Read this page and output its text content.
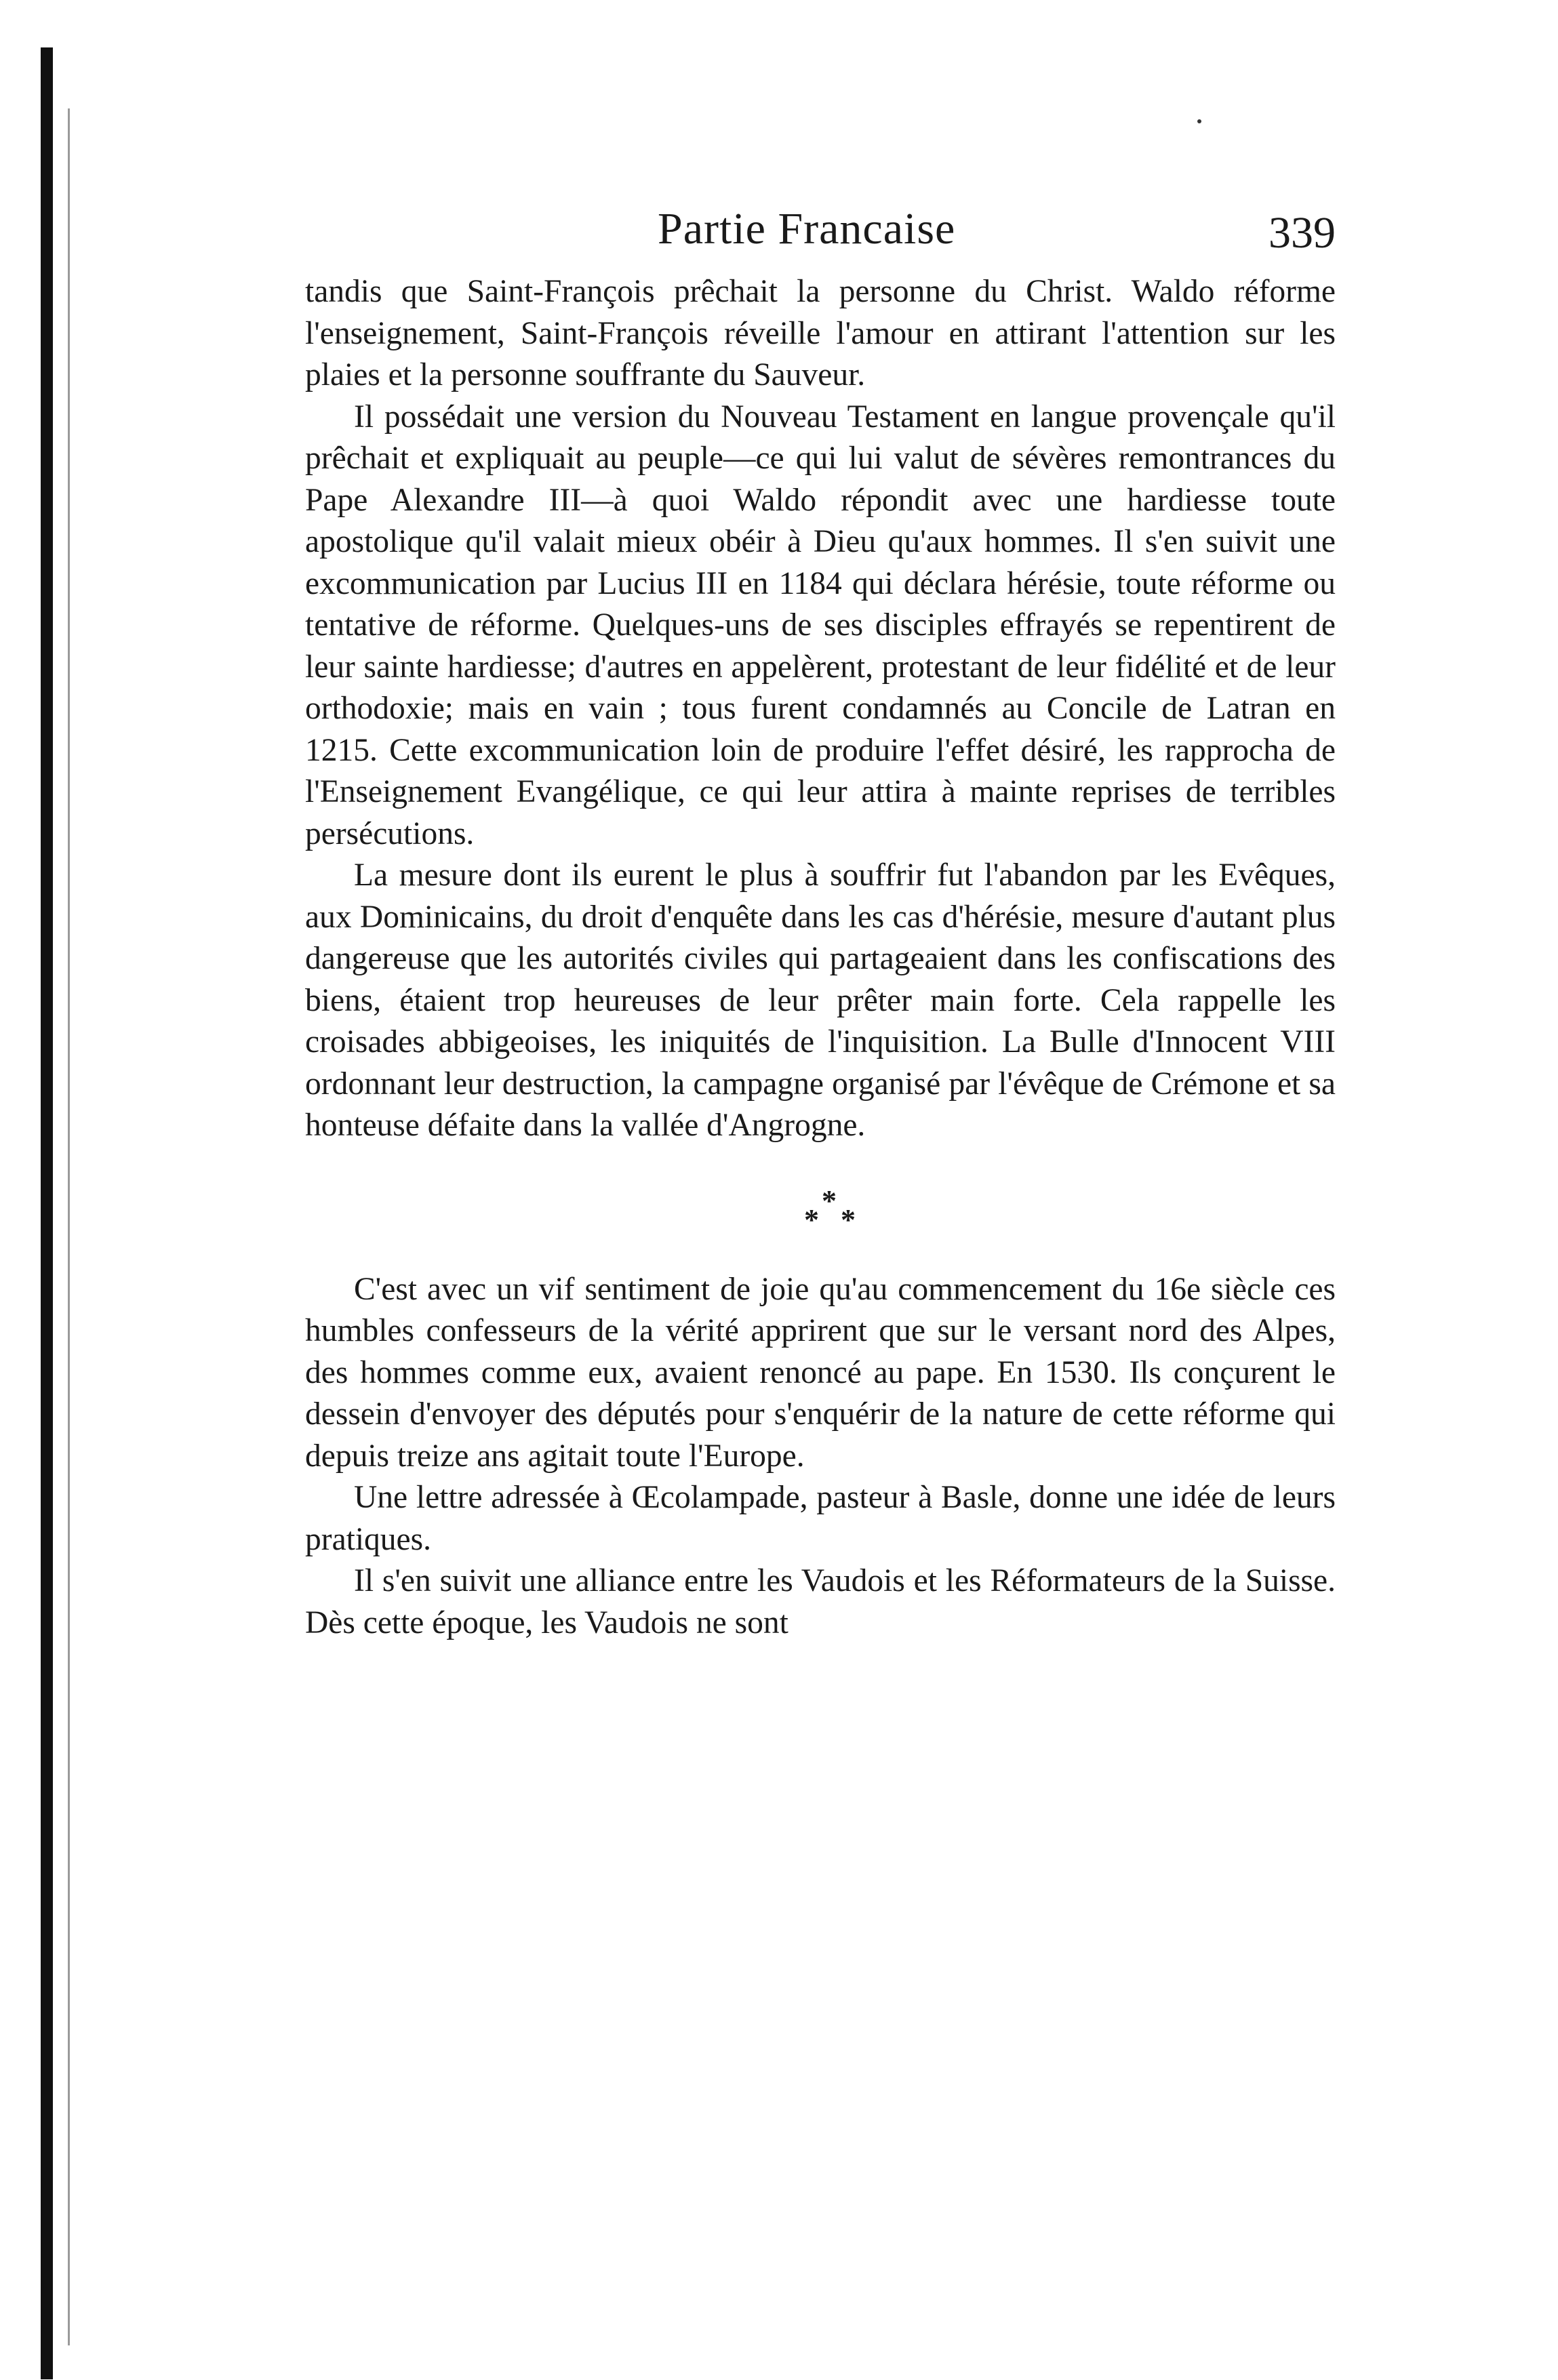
Partie Francaise	339

tandis que Saint-François prêchait la personne du Christ. Waldo réforme l'enseignement, Saint-François réveille l'amour en attirant l'attention sur les plaies et la personne souffrante du Sauveur.

Il possédait une version du Nouveau Testament en langue provençale qu'il prêchait et expliquait au peuple—ce qui lui valut de sévères remontrances du Pape Alexandre III—à quoi Waldo répondit avec une hardiesse toute apostolique qu'il valait mieux obéir à Dieu qu'aux hommes. Il s'en suivit une excommunication par Lucius III en 1184 qui déclara hérésie, toute réforme ou tentative de réforme. Quelques-uns de ses disciples effrayés se repentirent de leur sainte hardiesse; d'autres en appelèrent, protestant de leur fidélité et de leur orthodoxie; mais en vain ; tous furent condamnés au Concile de Latran en 1215. Cette excommunication loin de produire l'effet désiré, les rapprocha de l'Enseignement Evangélique, ce qui leur attira à mainte reprises de terribles persécutions.

La mesure dont ils eurent le plus à souffrir fut l'abandon par les Evêques, aux Dominicains, du droit d'enquête dans les cas d'hérésie, mesure d'autant plus dangereuse que les autorités civiles qui partageaient dans les confiscations des biens, étaient trop heureuses de leur prêter main forte. Cela rappelle les croisades abbigeoises, les iniquités de l'inquisition. La Bulle d'Innocent VIII ordonnant leur destruction, la campagne organisé par l'évêque de Crémone et sa honteuse défaite dans la vallée d'Angrogne.

*
* *

C'est avec un vif sentiment de joie qu'au commencement du 16e siècle ces humbles confesseurs de la vérité apprirent que sur le versant nord des Alpes, des hommes comme eux, avaient renoncé au pape. En 1530. Ils conçurent le dessein d'envoyer des députés pour s'enquérir de la nature de cette réforme qui depuis treize ans agitait toute l'Europe.

Une lettre adressée à Œcolampade, pasteur à Basle, donne une idée de leurs pratiques.

Il s'en suivit une alliance entre les Vaudois et les Réformateurs de la Suisse. Dès cette époque, les Vaudois ne sont
